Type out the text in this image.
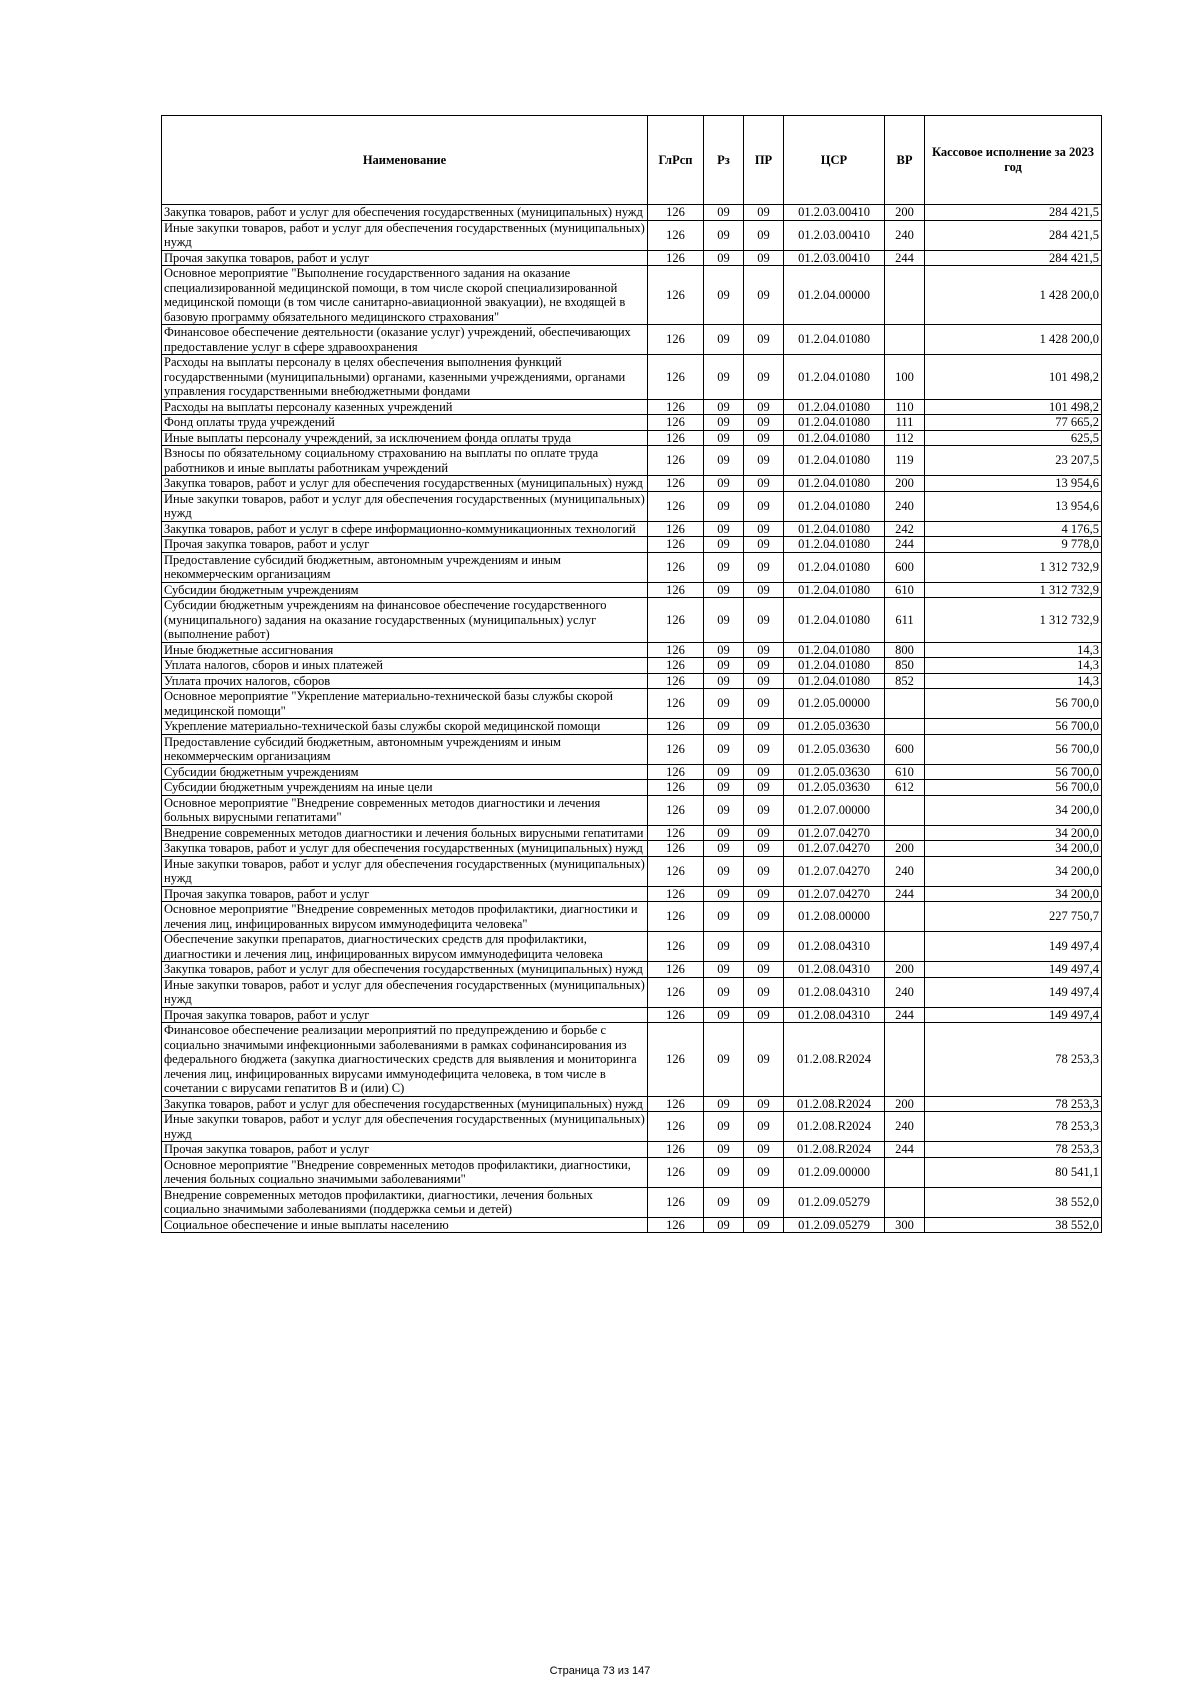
Наименование	ГлРсп	Рз	ПР	ЦСР	ВР	Кассовое исполнение за 2023 год
Закупка товаров, работ и услуг для обеспечения государственных (муниципальных) нужд	126	09	09	01.2.03.00410	200	284 421,5
Иные закупки товаров, работ и услуг для обеспечения государственных (муниципальных) нужд	126	09	09	01.2.03.00410	240	284 421,5
Прочая закупка товаров, работ и услуг	126	09	09	01.2.03.00410	244	284 421,5
Основное мероприятие "Выполнение государственного задания на оказание специализированной медицинской помощи, в том числе скорой специализированной медицинской помощи (в том числе санитарно-авиационной эвакуации), не входящей в базовую программу обязательного медицинского страхования"	126	09	09	01.2.04.00000		1 428 200,0
Финансовое обеспечение деятельности (оказание услуг) учреждений, обеспечивающих предоставление услуг в сфере здравоохранения	126	09	09	01.2.04.01080		1 428 200,0
Расходы на выплаты персоналу в целях обеспечения выполнения функций государственными (муниципальными) органами, казенными учреждениями, органами управления государственными внебюджетными фондами	126	09	09	01.2.04.01080	100	101 498,2
Расходы на выплаты персоналу казенных учреждений	126	09	09	01.2.04.01080	110	101 498,2
Фонд оплаты труда учреждений	126	09	09	01.2.04.01080	111	77 665,2
Иные выплаты персоналу учреждений, за исключением фонда оплаты труда	126	09	09	01.2.04.01080	112	625,5
Взносы по обязательному социальному страхованию на выплаты по оплате труда работников и иные выплаты работникам учреждений	126	09	09	01.2.04.01080	119	23 207,5
Закупка товаров, работ и услуг для обеспечения государственных (муниципальных) нужд	126	09	09	01.2.04.01080	200	13 954,6
Иные закупки товаров, работ и услуг для обеспечения государственных (муниципальных) нужд	126	09	09	01.2.04.01080	240	13 954,6
Закупка товаров, работ и услуг в сфере информационно-коммуникационных технологий	126	09	09	01.2.04.01080	242	4 176,5
Прочая закупка товаров, работ и услуг	126	09	09	01.2.04.01080	244	9 778,0
Предоставление субсидий бюджетным, автономным учреждениям и иным некоммерческим организациям	126	09	09	01.2.04.01080	600	1 312 732,9
Субсидии бюджетным учреждениям	126	09	09	01.2.04.01080	610	1 312 732,9
Субсидии бюджетным учреждениям на финансовое обеспечение государственного (муниципального) задания на оказание государственных (муниципальных) услуг (выполнение работ)	126	09	09	01.2.04.01080	611	1 312 732,9
Иные бюджетные ассигнования	126	09	09	01.2.04.01080	800	14,3
Уплата налогов, сборов и иных платежей	126	09	09	01.2.04.01080	850	14,3
Уплата прочих налогов, сборов	126	09	09	01.2.04.01080	852	14,3
Основное мероприятие "Укрепление материально-технической базы службы скорой медицинской помощи"	126	09	09	01.2.05.00000		56 700,0
Укрепление материально-технической базы службы скорой медицинской помощи	126	09	09	01.2.05.03630		56 700,0
Предоставление субсидий бюджетным, автономным учреждениям и иным некоммерческим организациям	126	09	09	01.2.05.03630	600	56 700,0
Субсидии бюджетным учреждениям	126	09	09	01.2.05.03630	610	56 700,0
Субсидии бюджетным учреждениям на иные цели	126	09	09	01.2.05.03630	612	56 700,0
Основное мероприятие "Внедрение современных методов диагностики и лечения больных вирусными гепатитами"	126	09	09	01.2.07.00000		34 200,0
Внедрение современных методов диагностики и лечения больных вирусными гепатитами	126	09	09	01.2.07.04270		34 200,0
Закупка товаров, работ и услуг для обеспечения государственных (муниципальных) нужд	126	09	09	01.2.07.04270	200	34 200,0
Иные закупки товаров, работ и услуг для обеспечения государственных (муниципальных) нужд	126	09	09	01.2.07.04270	240	34 200,0
Прочая закупка товаров, работ и услуг	126	09	09	01.2.07.04270	244	34 200,0
Основное мероприятие "Внедрение современных методов профилактики, диагностики и лечения лиц, инфицированных вирусом иммунодефицита человека"	126	09	09	01.2.08.00000		227 750,7
Обеспечение закупки препаратов, диагностических средств для профилактики, диагностики и лечения лиц, инфицированных вирусом иммунодефицита человека	126	09	09	01.2.08.04310		149 497,4
Закупка товаров, работ и услуг для обеспечения государственных (муниципальных) нужд	126	09	09	01.2.08.04310	200	149 497,4
Иные закупки товаров, работ и услуг для обеспечения государственных (муниципальных) нужд	126	09	09	01.2.08.04310	240	149 497,4
Прочая закупка товаров, работ и услуг	126	09	09	01.2.08.04310	244	149 497,4
Финансовое обеспечение реализации мероприятий по предупреждению и борьбе с социально значимыми инфекционными заболеваниями в рамках софинансирования из федерального бюджета (закупка диагностических средств для выявления и мониторинга лечения лиц, инфицированных вирусами иммунодефицита человека, в том числе в сочетании с вирусами гепатитов В и (или) С)	126	09	09	01.2.08.R2024		78 253,3
Закупка товаров, работ и услуг для обеспечения государственных (муниципальных) нужд	126	09	09	01.2.08.R2024	200	78 253,3
Иные закупки товаров, работ и услуг для обеспечения государственных (муниципальных) нужд	126	09	09	01.2.08.R2024	240	78 253,3
Прочая закупка товаров, работ и услуг	126	09	09	01.2.08.R2024	244	78 253,3
Основное мероприятие "Внедрение современных методов профилактики, диагностики, лечения больных социально значимыми заболеваниями"	126	09	09	01.2.09.00000		80 541,1
Внедрение современных методов профилактики, диагностики, лечения больных социально значимыми заболеваниями (поддержка семьи и детей)	126	09	09	01.2.09.05279		38 552,0
Социальное обеспечение и иные выплаты населению	126	09	09	01.2.09.05279	300	38 552,0
Страница 73 из 147
